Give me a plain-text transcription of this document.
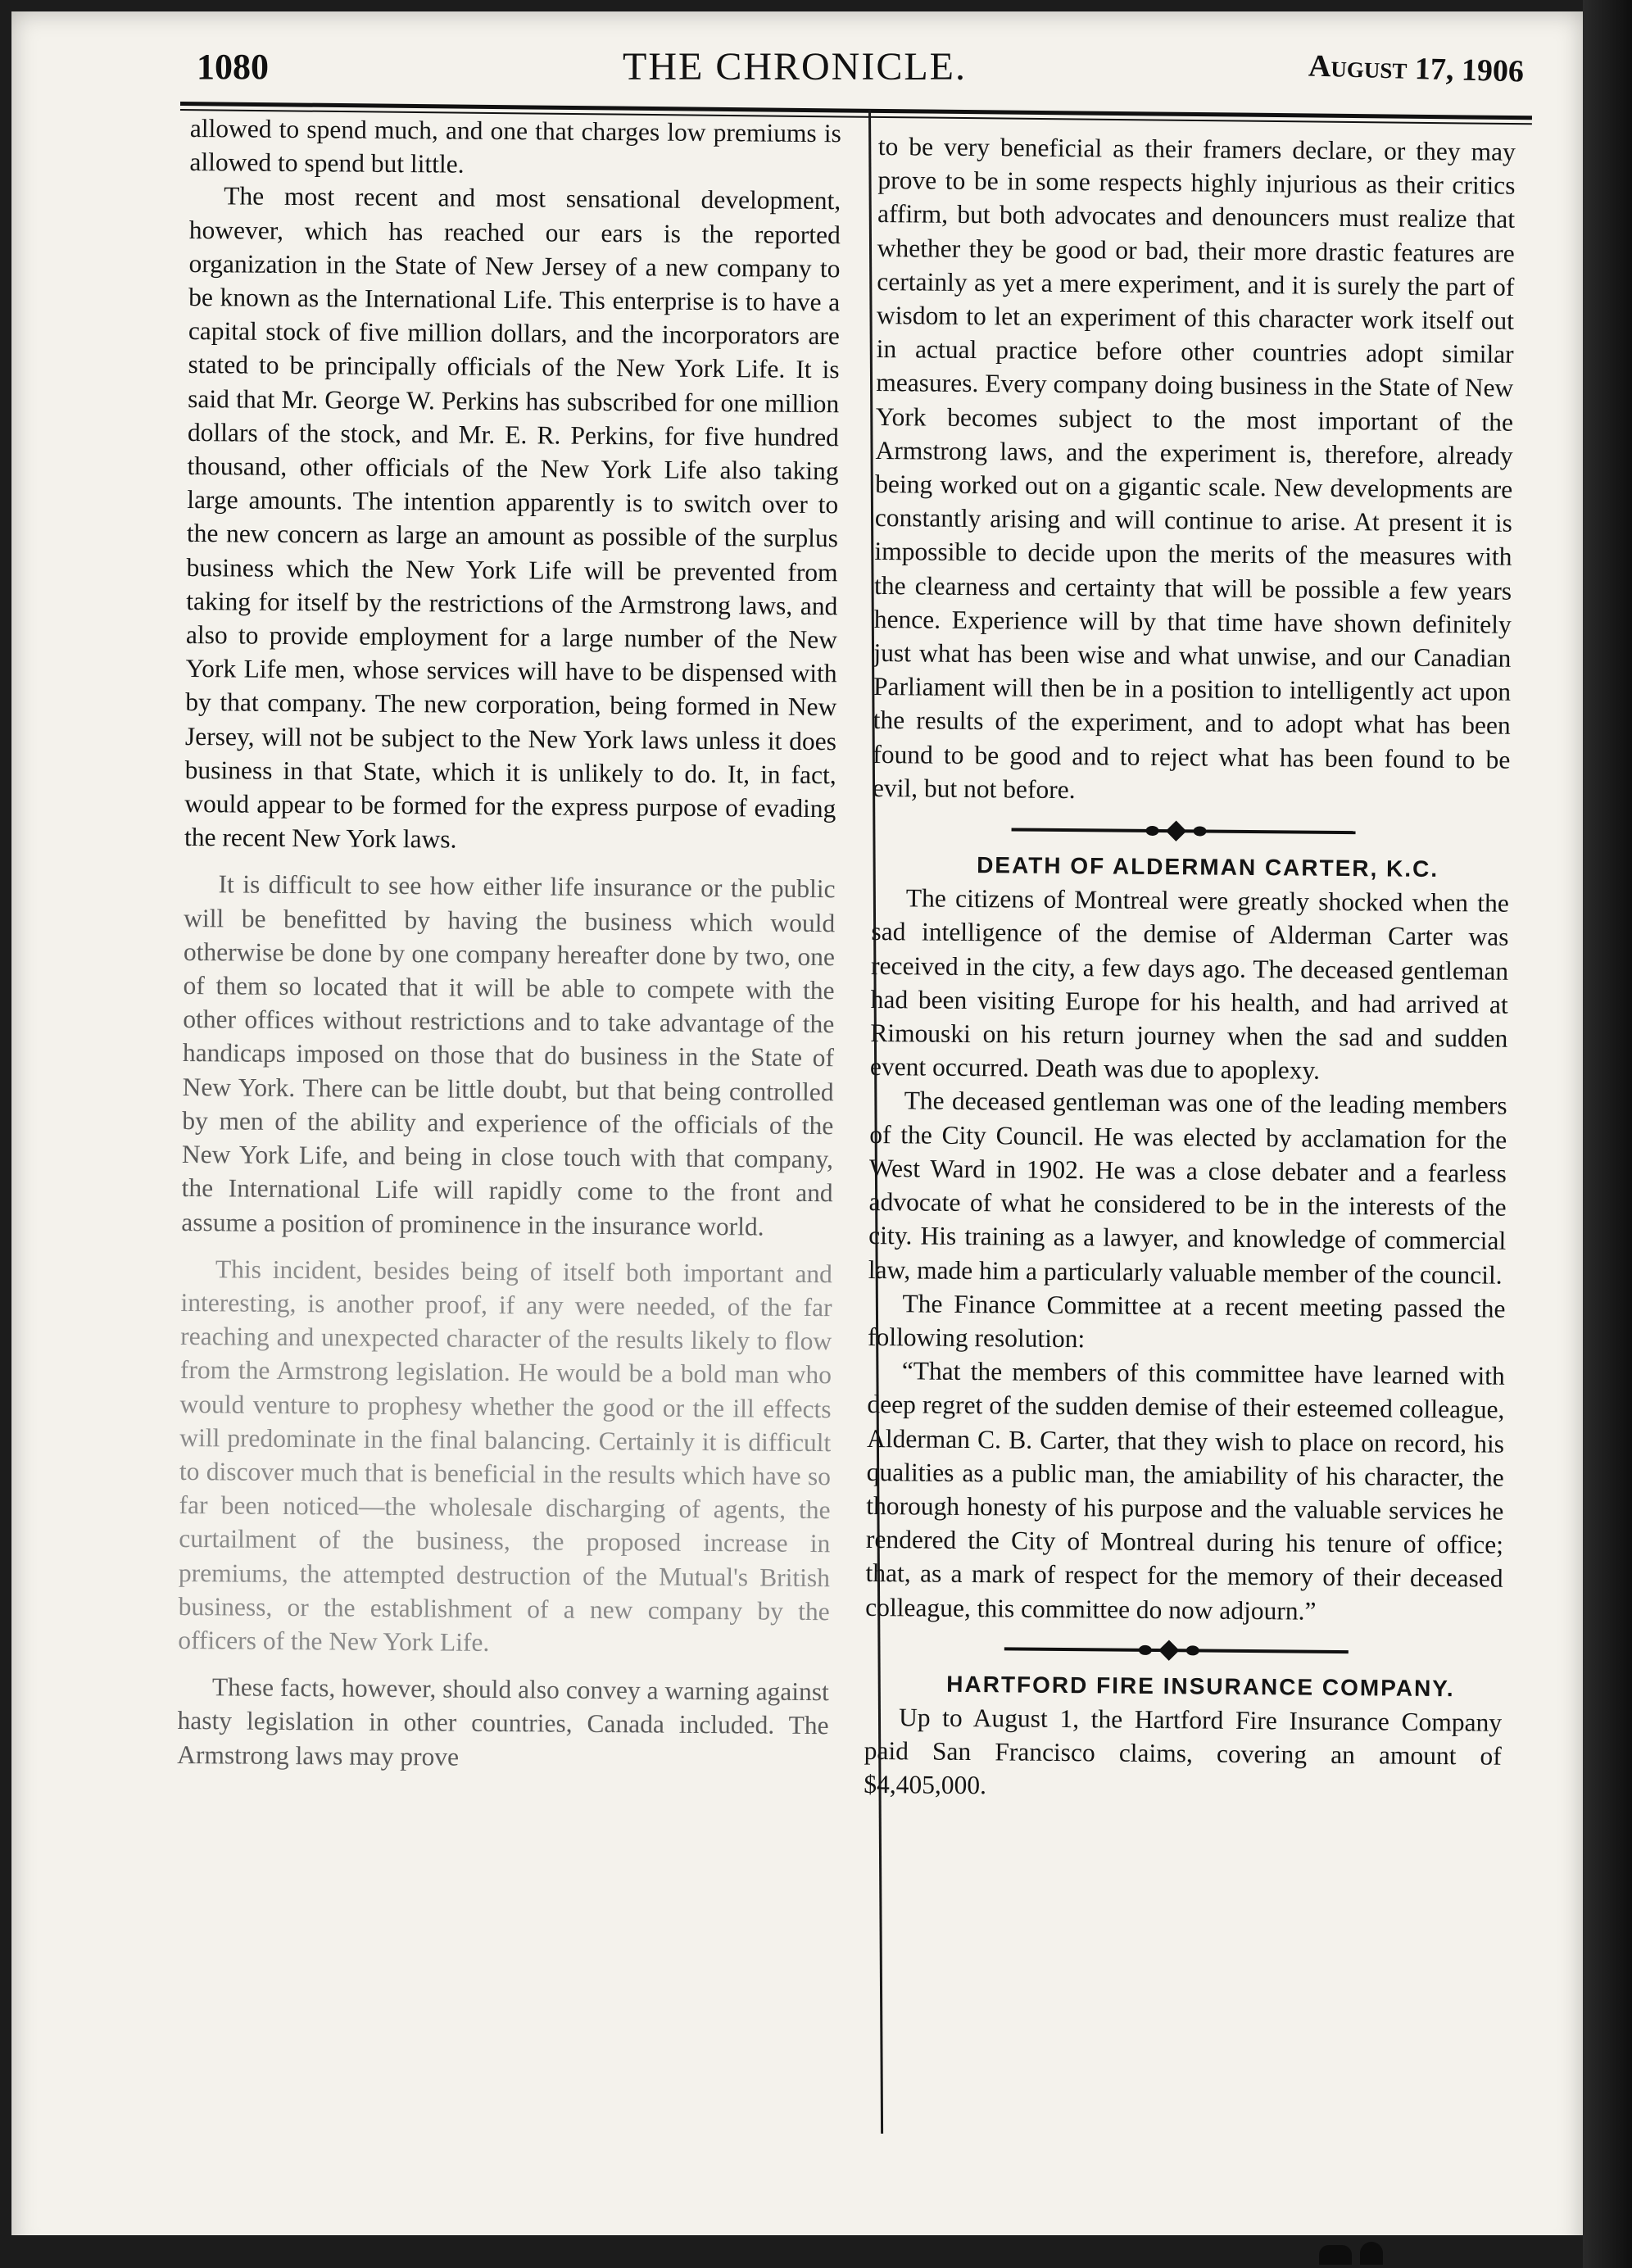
1080	THE CHRONICLE.	August 17, 1906

allowed to spend much, and one that charges low premiums is allowed to spend but little.

The most recent and most sensational development, however, which has reached our ears is the reported organization in the State of New Jersey of a new company to be known as the International Life. This enterprise is to have a capital stock of five million dollars, and the incorporators are stated to be principally officials of the New York Life. It is said that Mr. George W. Perkins has subscribed for one million dollars of the stock, and Mr. E. R. Perkins, for five hundred thousand, other officials of the New York Life also taking large amounts. The intention apparently is to switch over to the new concern as large an amount as possible of the surplus business which the New York Life will be prevented from taking for itself by the restrictions of the Armstrong laws, and also to provide employment for a large number of the New York Life men, whose services will have to be dispensed with by that company. The new corporation, being formed in New Jersey, will not be subject to the New York laws unless it does business in that State, which it is unlikely to do. It, in fact, would appear to be formed for the express purpose of evading the recent New York laws.

It is difficult to see how either life insurance or the public will be benefitted by having the business which would otherwise be done by one company hereafter done by two, one of them so located that it will be able to compete with the other offices without restrictions and to take advantage of the handicaps imposed on those that do business in the State of New York. There can be little doubt, but that being controlled by men of the ability and experience of the officials of the New York Life, and being in close touch with that company, the International Life will rapidly come to the front and assume a position of prominence in the insurance world.

This incident, besides being of itself both important and interesting, is another proof, if any were needed, of the far reaching and unexpected character of the results likely to flow from the Armstrong legislation. He would be a bold man who would venture to prophesy whether the good or the ill effects will predominate in the final balancing. Certainly it is difficult to discover much that is beneficial in the results which have so far been noticed—the wholesale discharging of agents, the curtailment of the business, the proposed increase in premiums, the attempted destruction of the Mutual's British business, or the establishment of a new company by the officers of the New York Life.

These facts, however, should also convey a warning against hasty legislation in other countries, Canada included. The Armstrong laws may prove

to be very beneficial as their framers declare, or they may prove to be in some respects highly injurious as their critics affirm, but both advocates and denouncers must realize that whether they be good or bad, their more drastic features are certainly as yet a mere experiment, and it is surely the part of wisdom to let an experiment of this character work itself out in actual practice before other countries adopt similar measures. Every company doing business in the State of New York becomes subject to the most important of the Armstrong laws, and the experiment is, therefore, already being worked out on a gigantic scale. New developments are constantly arising and will continue to arise. At present it is impossible to decide upon the merits of the measures with the clearness and certainty that will be possible a few years hence. Experience will by that time have shown definitely just what has been wise and what unwise, and our Canadian Parliament will then be in a position to intelligently act upon the results of the experiment, and to adopt what has been found to be good and to reject what has been found to be evil, but not before.

DEATH OF ALDERMAN CARTER, K.C.

The citizens of Montreal were greatly shocked when the sad intelligence of the demise of Alderman Carter was received in the city, a few days ago. The deceased gentleman had been visiting Europe for his health, and had arrived at Rimouski on his return journey when the sad and sudden event occurred. Death was due to apoplexy.

The deceased gentleman was one of the leading members of the City Council. He was elected by acclamation for the West Ward in 1902. He was a close debater and a fearless advocate of what he considered to be in the interests of the city. His training as a lawyer, and knowledge of commercial law, made him a particularly valuable member of the council.

The Finance Committee at a recent meeting passed the following resolution:

“That the members of this committee have learned with deep regret of the sudden demise of their esteemed colleague, Alderman C. B. Carter, that they wish to place on record, his qualities as a public man, the amiability of his character, the thorough honesty of his purpose and the valuable services he rendered the City of Montreal during his tenure of office; that, as a mark of respect for the memory of their deceased colleague, this committee do now adjourn.”

HARTFORD FIRE INSURANCE COMPANY.

Up to August 1, the Hartford Fire Insurance Company paid San Francisco claims, covering an amount of $4,405,000.
